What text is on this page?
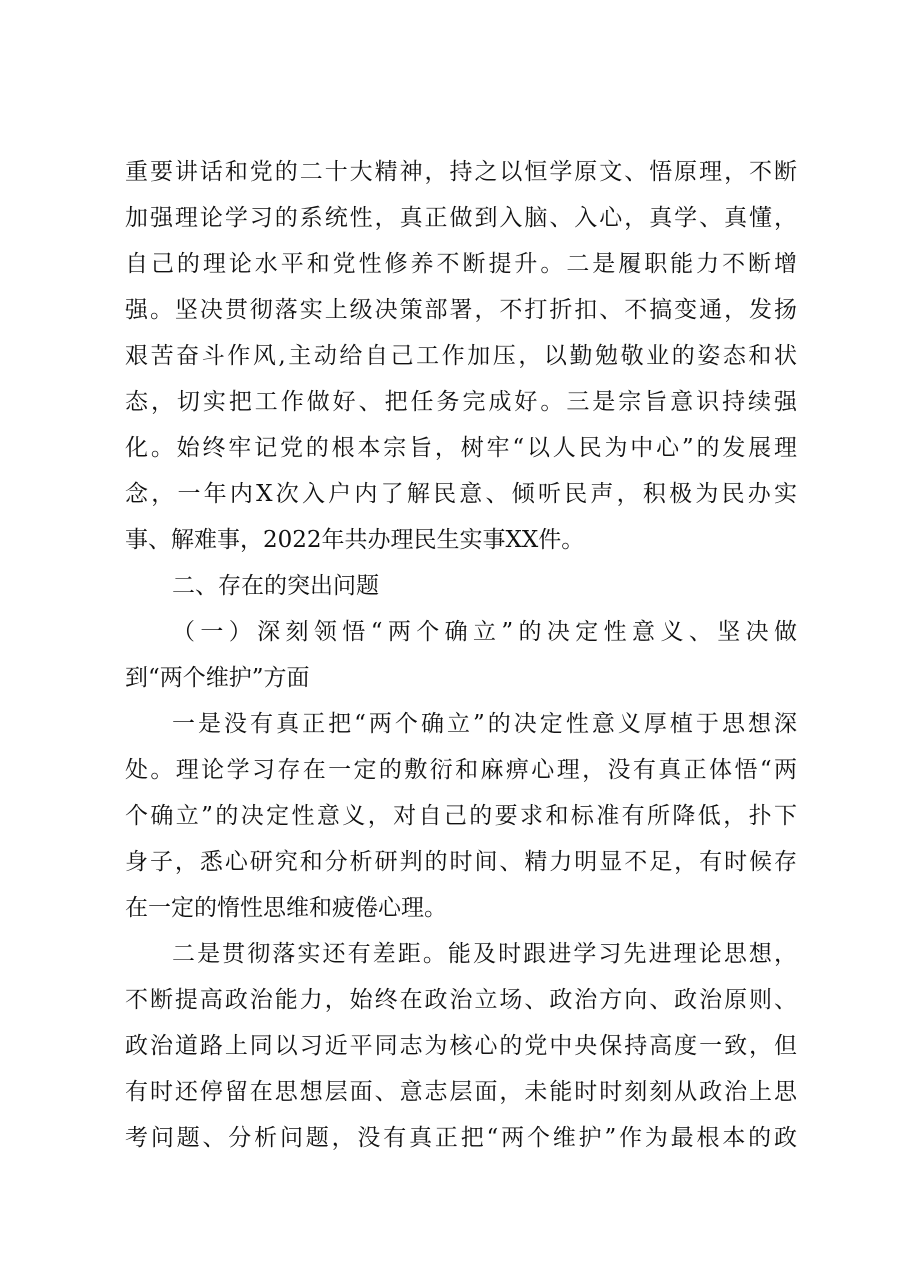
重要讲话和党的二十大精神，持之以恒学原文、悟原理，不断
加强理论学习的系统性，真正做到入脑、入心，真学、真懂，
自己的理论水平和党性修养不断提升。二是履职能力不断增
强。坚决贯彻落实上级决策部署，不打折扣、不搞变通，发扬
艰苦奋斗作风,主动给自己工作加压，以勤勉敬业的姿态和状
态，切实把工作做好、把任务完成好。三是宗旨意识持续强
化。始终牢记党的根本宗旨，树牢“以人民为中心”的发展理
念，一年内X次入户内了解民意、倾听民声，积极为民办实
事、解难事，2022年共办理民生实事XX件。
二、存在的突出问题
（一）深刻领悟“两个确立”的决定性意义、坚决做
到“两个维护”方面
一是没有真正把“两个确立”的决定性意义厚植于思想深
处。理论学习存在一定的敷衍和麻痹心理，没有真正体悟“两
个确立”的决定性意义，对自己的要求和标准有所降低，扑下
身子，悉心研究和分析研判的时间、精力明显不足，有时候存
在一定的惰性思维和疲倦心理。
二是贯彻落实还有差距。能及时跟进学习先进理论思想，
不断提高政治能力，始终在政治立场、政治方向、政治原则、
政治道路上同以习近平同志为核心的党中央保持高度一致，但
有时还停留在思想层面、意志层面，未能时时刻刻从政治上思
考问题、分析问题，没有真正把“两个维护”作为最根本的政
